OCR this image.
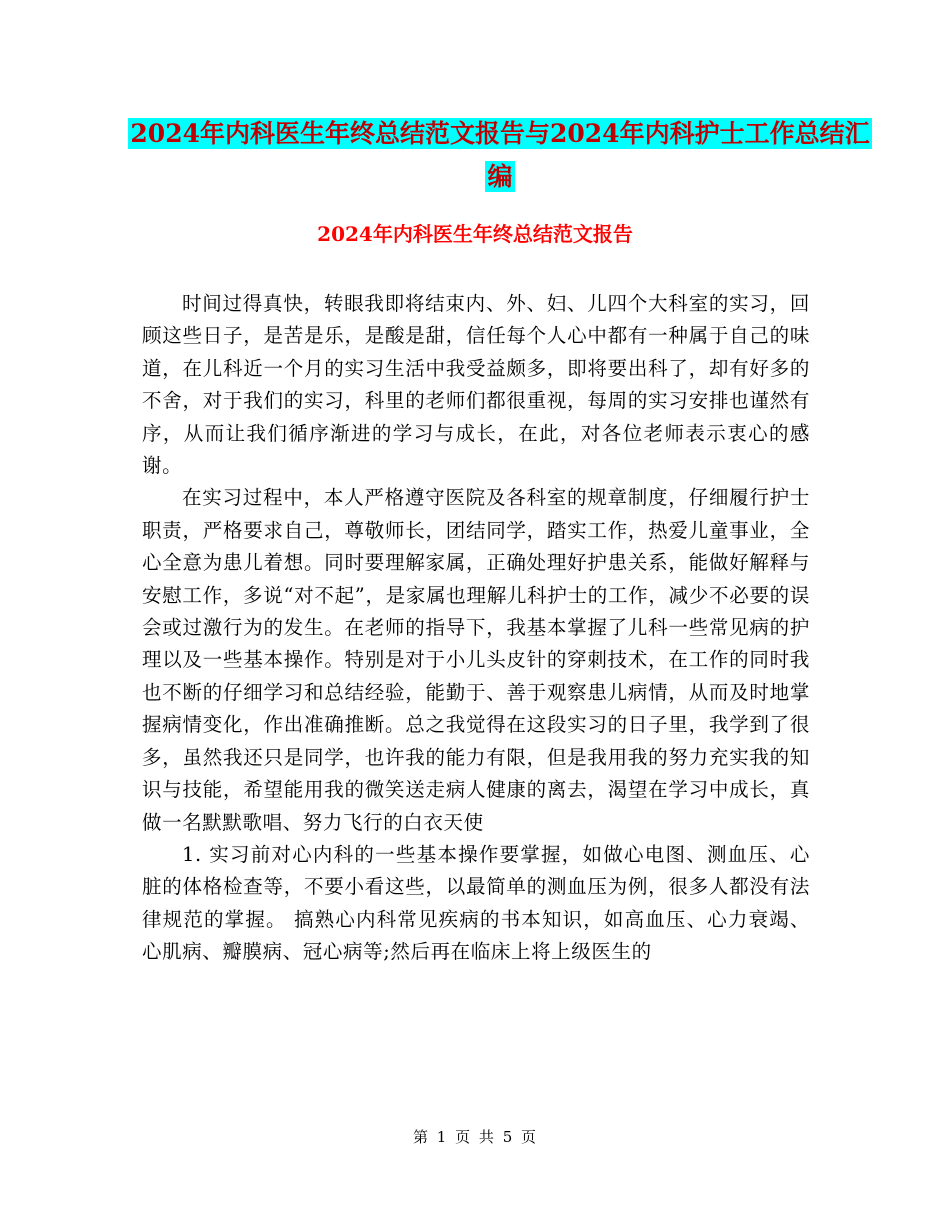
2024年内科医生年终总结范文报告与2024年内科护士工作总结汇编
2024年内科医生年终总结范文报告

时间过得真快，转眼我即将结束内、外、妇、儿四个大科室的实习，回顾这些日子，是苦是乐，是酸是甜，信任每个人心中都有一种属于自己的味道，在儿科近一个月的实习生活中我受益颇多，即将要出科了，却有好多的不舍，对于我们的实习，科里的老师们都很重视，每周的实习安排也谨然有序，从而让我们循序渐进的学习与成长，在此，对各位老师表示衷心的感谢。

在实习过程中，本人严格遵守医院及各科室的规章制度，仔细履行护士职责，严格要求自己，尊敬师长，团结同学，踏实工作，热爱儿童事业，全心全意为患儿着想。同时要理解家属，正确处理好护患关系，能做好解释与安慰工作，多说“对不起”，是家属也理解儿科护士的工作，减少不必要的误会或过激行为的发生。在老师的指导下，我基本掌握了儿科一些常见病的护理以及一些基本操作。特别是对于小儿头皮针的穿刺技术，在工作的同时我也不断的仔细学习和总结经验，能勤于、善于观察患儿病情，从而及时地掌握病情变化，作出准确推断。总之我觉得在这段实习的日子里，我学到了很多，虽然我还只是同学，也许我的能力有限，但是我用我的努力充实我的知识与技能，希望能用我的微笑送走病人健康的离去，渴望在学习中成长，真做一名默默歌唱、努力飞行的白衣天使

1. 实习前对心内科的一些基本操作要掌握，如做心电图、测血压、心脏的体格检查等，不要小看这些，以最简单的测血压为例，很多人都没有法律规范的掌握。 搞熟心内科常见疾病的书本知识，如高血压、心力衰竭、心肌病、瓣膜病、冠心病等;然后再在临床上将上级医生的

第 1 页 共 5 页
